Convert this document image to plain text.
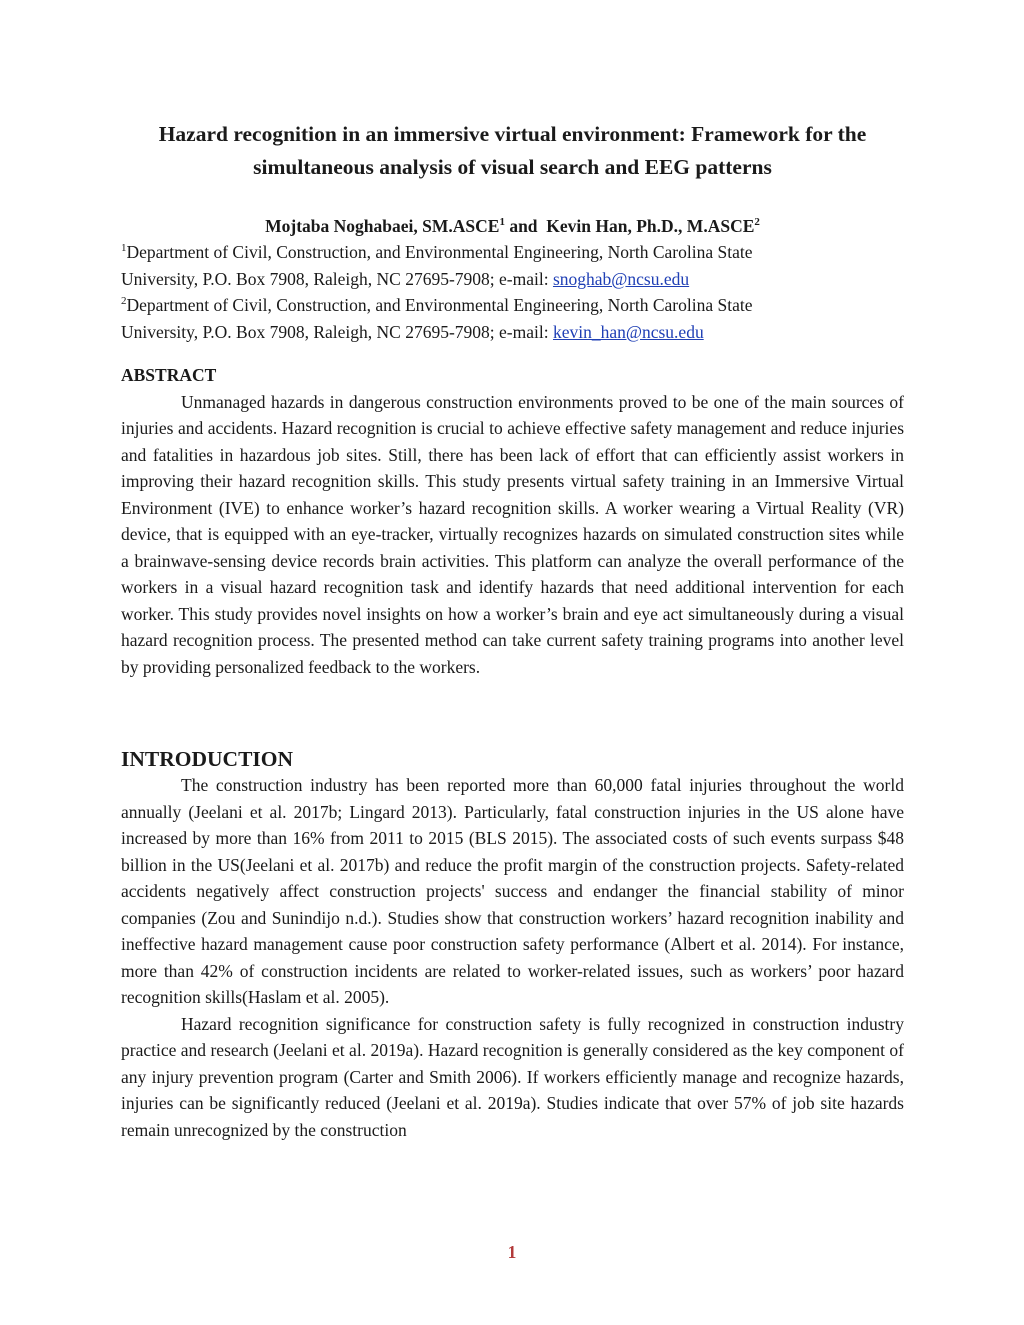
Hazard recognition in an immersive virtual environment: Framework for the
simultaneous analysis of visual search and EEG patterns
Mojtaba Noghabaei, SM.ASCE$^1$ and  Kevin Han, Ph.D., M.ASCE$^2$
$^1$Department of Civil, Construction, and Environmental Engineering, North Carolina State
University, P.O. Box 7908, Raleigh, NC 27695-7908; e-mail: snoghab@ncsu.edu
$^2$Department of Civil, Construction, and Environmental Engineering, North Carolina State
University, P.O. Box 7908, Raleigh, NC 27695-7908; e-mail: kevin_han@ncsu.edu
ABSTRACT

Unmanaged hazards in dangerous construction environments proved to be one of the main sources of injuries and accidents. Hazard recognition is crucial to achieve effective safety management and reduce injuries and fatalities in hazardous job sites. Still, there has been lack of effort that can efficiently assist workers in improving their hazard recognition skills. This study presents virtual safety training in an Immersive Virtual Environment (IVE) to enhance worker’s hazard recognition skills. A worker wearing a Virtual Reality (VR) device, that is equipped with an eye-tracker, virtually recognizes hazards on simulated construction sites while a brainwave-sensing device records brain activities. This platform can analyze the overall performance of the workers in a visual hazard recognition task and identify hazards that need additional intervention for each worker. This study provides novel insights on how a worker’s brain and eye act simultaneously during a visual hazard recognition process. The presented method can take current safety training programs into another level by providing personalized feedback to the workers.

INTRODUCTION

The construction industry has been reported more than 60,000 fatal injuries throughout the world annually (Jeelani et al. 2017b; Lingard 2013). Particularly, fatal construction injuries in the US alone have increased by more than 16% from 2011 to 2015 (BLS 2015). The associated costs of such events surpass $48 billion in the US(Jeelani et al. 2017b) and reduce the profit margin of the construction projects. Safety-related accidents negatively affect construction projects' success and endanger the financial stability of minor companies (Zou and Sunindijo n.d.). Studies show that construction workers’ hazard recognition inability and ineffective hazard management cause poor construction safety performance (Albert et al. 2014). For instance, more than 42% of construction incidents are related to worker-related issues, such as workers’ poor hazard recognition skills(Haslam et al. 2005).

Hazard recognition significance for construction safety is fully recognized in construction industry practice and research (Jeelani et al. 2019a). Hazard recognition is generally considered as the key component of any injury prevention program (Carter and Smith 2006). If workers efficiently manage and recognize hazards, injuries can be significantly reduced (Jeelani et al. 2019a). Studies indicate that over 57% of job site hazards remain unrecognized by the construction

1
